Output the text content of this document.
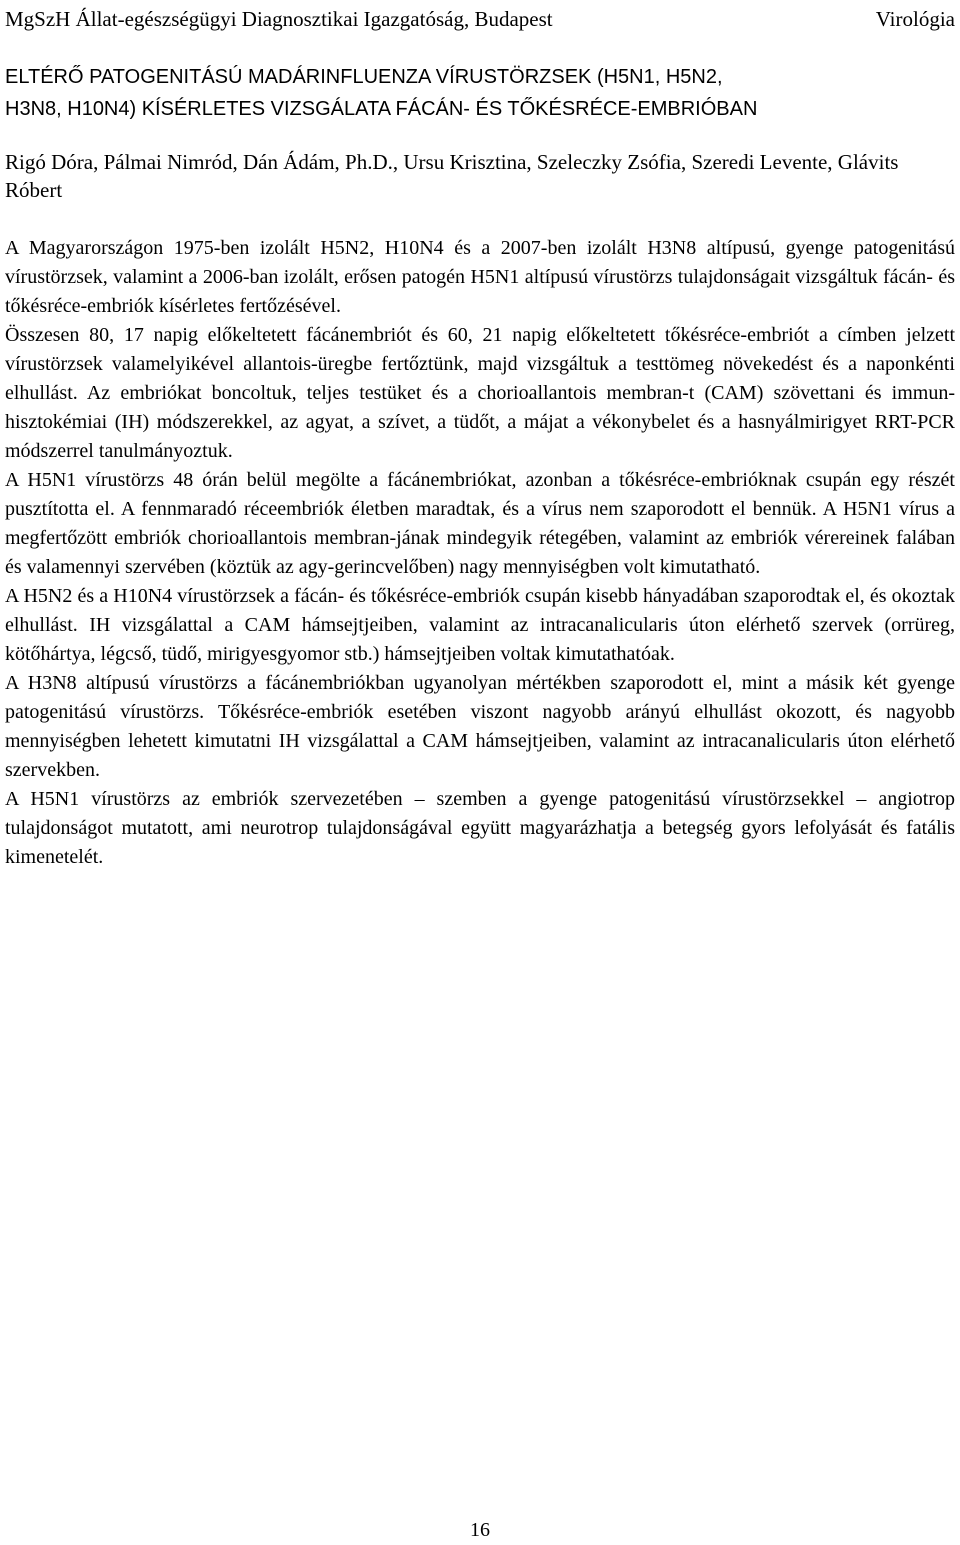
MgSzH Állat-egészségügyi Diagnosztikai Igazgatóság, Budapest	Virológia
ELTÉRŐ PATOGENITÁSÚ MADÁRINFLUENZA VÍRUSTÖRZSEK (H5N1, H5N2,
H3N8, H10N4) KÍSÉRLETES VIZSGÁLATA FÁCÁN- ÉS TŐKÉSRÉCE-EMBRIÓBAN
Rigó Dóra, Pálmai Nimród, Dán Ádám, Ph.D., Ursu Krisztina, Szeleczky Zsófia, Szeredi Levente, Glávits Róbert

A Magyarországon 1975-ben izolált H5N2, H10N4 és a 2007-ben izolált H3N8 altípusú, gyenge patogenitású vírustörzsek, valamint a 2006-ban izolált, erősen patogén H5N1 altípusú vírustörzs tulajdonságait vizsgáltuk fácán- és tőkésréce-embriók kísérletes fertőzésével.

Összesen 80, 17 napig előkeltetett fácánembriót és 60, 21 napig előkeltetett tőkésréce-embriót a címben jelzett vírustörzsek valamelyikével allantois-üregbe fertőztünk, majd vizsgáltuk a testtömeg növekedést és a naponkénti elhullást. Az embriókat boncoltuk, teljes testüket és a chorioallantois membran-t (CAM) szövettani és immun-hisztokémiai (IH) módszerekkel, az agyat, a szívet, a tüdőt, a májat a vékonybelet és a hasnyálmirigyet RRT-PCR módszerrel tanulmányoztuk.

A H5N1 vírustörzs 48 órán belül megölte a fácánembriókat, azonban a tőkésréce-embrióknak csupán egy részét pusztította el. A fennmaradó réceembriók életben maradtak, és a vírus nem szaporodott el bennük. A H5N1 vírus a megfertőzött embriók chorioallantois membran-jának mindegyik rétegében, valamint az embriók vérereinek falában és valamennyi szervében (köztük az agy-gerincvelőben) nagy mennyiségben volt kimutatható.

A H5N2 és a H10N4 vírustörzsek a fácán- és tőkésréce-embriók csupán kisebb hányadában szaporodtak el, és okoztak elhullást. IH vizsgálattal a CAM hámsejtjeiben, valamint az intracanalicularis úton elérhető szervek (orrüreg, kötőhártya, légcső, tüdő, mirigyesgyomor stb.) hámsejtjeiben voltak kimutathatóak.

A H3N8 altípusú vírustörzs a fácánembriókban ugyanolyan mértékben szaporodott el, mint a másik két gyenge patogenitású vírustörzs. Tőkésréce-embriók esetében viszont nagyobb arányú elhullást okozott, és nagyobb mennyiségben lehetett kimutatni IH vizsgálattal a CAM hámsejtjeiben, valamint az intracanalicularis úton elérhető szervekben.

A H5N1 vírustörzs az embriók szervezetében – szemben a gyenge patogenitású vírustörzsekkel – angiotrop tulajdonságot mutatott, ami neurotrop tulajdonságával együtt magyarázhatja a betegség gyors lefolyását és fatális kimenetelét.

16
